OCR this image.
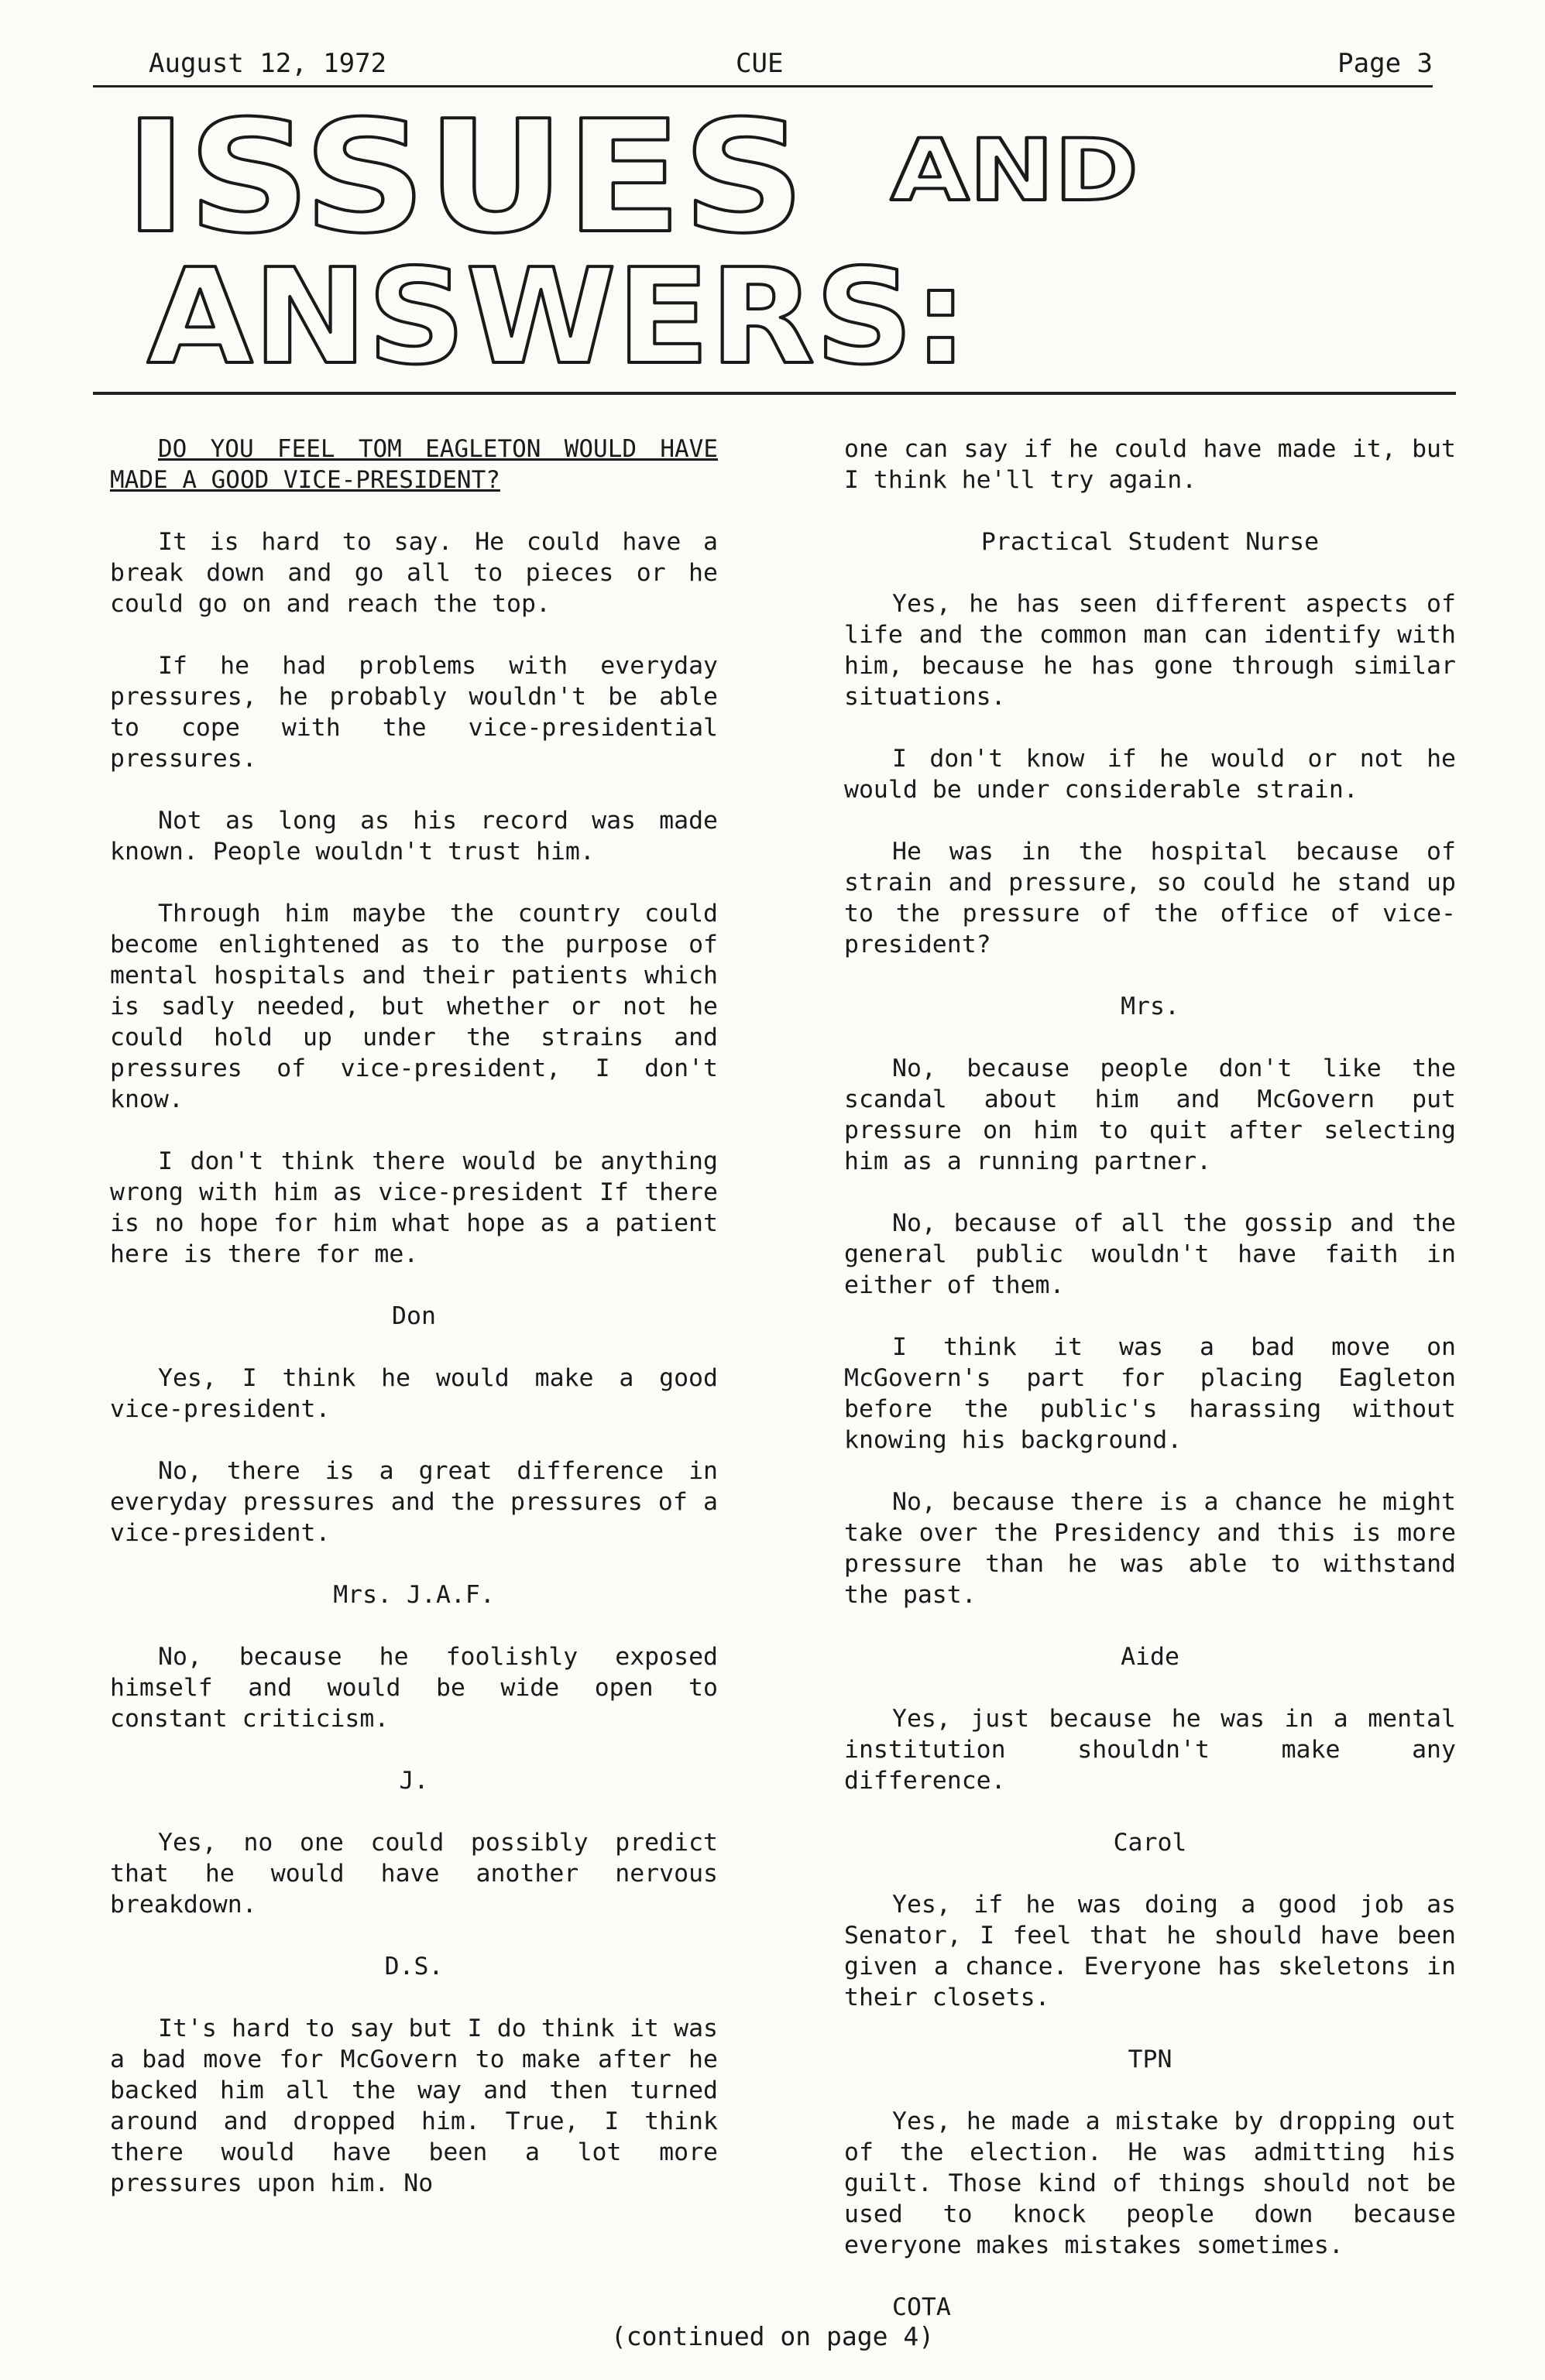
August 12, 1972	CUE	Page 3
ISSUES AND
ANSWERS:

DO YOU FEEL TOM EAGLETON WOULD HAVE MADE A GOOD VICE-PRESIDENT?

It is hard to say. He could have a break down and go all to pieces or he could go on and reach the top.

If he had problems with everyday pressures, he probably wouldn't be able to cope with the vice-presidential pressures.

Not as long as his record was made known. People wouldn't trust him.

Through him maybe the country could become enlightened as to the purpose of mental hospitals and their patients which is sadly needed, but whether or not he could hold up under the strains and pressures of vice-president, I don't know.

I don't think there would be anything wrong with him as vice-president If there is no hope for him what hope as a patient here is there for me.

Don

Yes, I think he would make a good vice-president.

No, there is a great difference in everyday pressures and the pressures of a vice-president.

Mrs. J.A.F.

No, because he foolishly exposed himself and would be wide open to constant criticism.

J.

Yes, no one could possibly predict that he would have another nervous breakdown.

D.S.

It's hard to say but I do think it was a bad move for McGovern to make after he backed him all the way and then turned around and dropped him. True, I think there would have been a lot more pressures upon him. No

one can say if he could have made it, but I think he'll try again.

Practical Student Nurse

Yes, he has seen different aspects of life and the common man can identify with him, because he has gone through similar situations.

I don't know if he would or not he would be under considerable strain.

He was in the hospital because of strain and pressure, so could he stand up to the pressure of the office of vice-president?

Mrs.

No, because people don't like the scandal about him and McGovern put pressure on him to quit after selecting him as a running partner.

No, because of all the gossip and the general public wouldn't have faith in either of them.

I think it was a bad move on McGovern's part for placing Eagleton before the public's harassing without knowing his background.

No, because there is a chance he might take over the Presidency and this is more pressure than he was able to withstand the past.

Aide

Yes, just because he was in a mental institution shouldn't make any difference.

Carol

Yes, if he was doing a good job as Senator, I feel that he should have been given a chance. Everyone has skeletons in their closets.

TPN

Yes, he made a mistake by dropping out of the election. He was admitting his guilt. Those kind of things should not be used to knock people down because everyone makes mistakes sometimes.

COTA

(continued on page 4)
